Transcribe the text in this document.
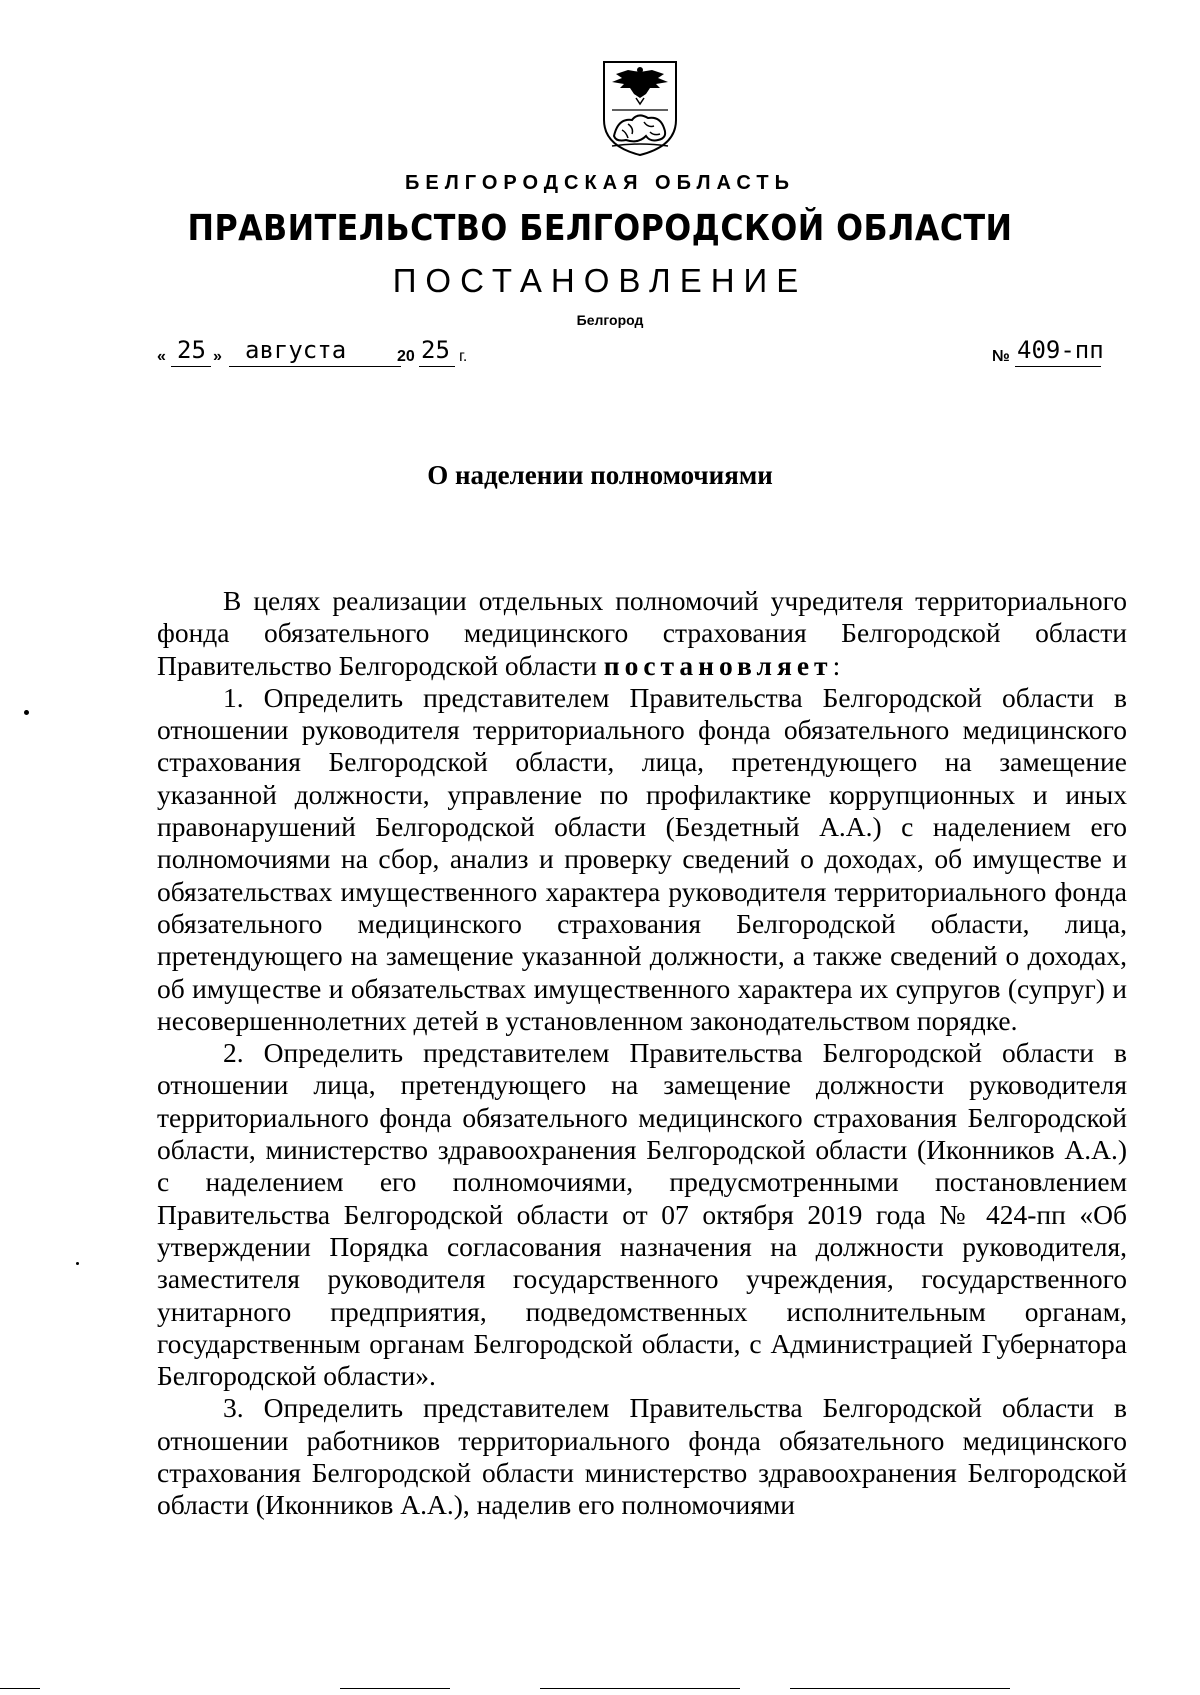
БЕЛГОРОДСКАЯ ОБЛАСТЬ
ПРАВИТЕЛЬСТВО БЕЛГОРОДСКОЙ ОБЛАСТИ
ПОСТАНОВЛЕНИЕ
Белгород
« 25 » августа	20 25 г.	№ 409-пп
О наделении полномочиями

В целях реализации отдельных полномочий учредителя территориального фонда обязательного медицинского страхования Белгородской области Правительство Белгородской области постановляет:

1. Определить представителем Правительства Белгородской области в отношении руководителя территориального фонда обязательного медицинского страхования Белгородской области, лица, претендующего на замещение указанной должности, управление по профилактике коррупционных и иных правонарушений Белгородской области (Бездетный А.А.) с наделением его полномочиями на сбор, анализ и проверку сведений о доходах, об имуществе и обязательствах имущественного характера руководителя территориального фонда обязательного медицинского страхования Белгородской области, лица, претендующего на замещение указанной должности, а также сведений о доходах, об имуществе и обязательствах имущественного характера их супругов (супруг) и несовершеннолетних детей в установленном законодательством порядке.

2. Определить представителем Правительства Белгородской области в отношении лица, претендующего на замещение должности руководителя территориального фонда обязательного медицинского страхования Белгородской области, министерство здравоохранения Белгородской области (Иконников А.А.) с наделением его полномочиями, предусмотренными постановлением Правительства Белгородской области от 07 октября 2019 года № 424-пп «Об утверждении Порядка согласования назначения на должности руководителя, заместителя руководителя государственного учреждения, государственного унитарного предприятия, подведомственных исполнительным органам, государственным органам Белгородской области, с Администрацией Губернатора Белгородской области».

3. Определить представителем Правительства Белгородской области в отношении работников территориального фонда обязательного медицинского страхования Белгородской области министерство здравоохранения Белгородской области (Иконников А.А.), наделив его полномочиями
